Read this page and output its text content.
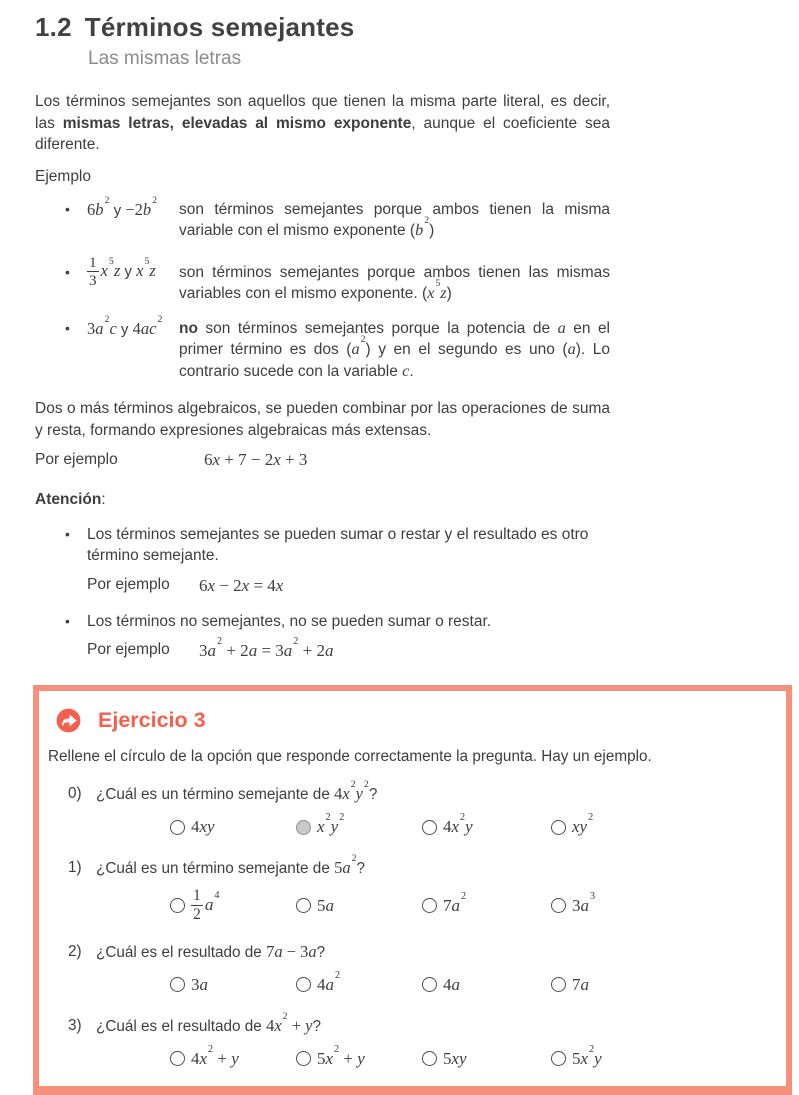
1.2 Términos semejantes
Las mismas letras

Los términos semejantes son aquellos que tienen la misma parte literal, es decir, las mismas letras, elevadas al mismo exponente, aunque el coeficiente sea diferente.

Ejemplo
•	$6b^2$ $y -2b^2$
son términos semejantes porque ambos tienen la misma variable con el mismo exponente $(b^2)$
•	$\frac{1}{3} x^5z$ y $x^5z$	son términos semejantes porque ambos tienen las mismas variables con el mismo exponente. $(x^5z)$
•	$3a^2c$ y $4ac^2$
no son términos semejantes porque la potencia de a en el primer término es dos $(a^2)$ y en el segundo es uno (a). Lo contrario sucede con la variable c.

Dos o más términos algebraicos, se pueden combinar por las operaciones de suma y resta, formando expresiones algebraicas más extensas.

Por ejemplo	6x + 7 − 2x + 3
Atención:
•	Los términos semejantes se pueden sumar o restar y el resultado es otro término semejante.
Por ejemplo	6x − 2x = 4x
•	Los términos no semejantes, no se pueden sumar o restar.
Por ejemplo	$3a^2 + 2a = 3a^2 + 2a$
Ejercicio 3
Rellene el círculo de la opción que responde correctamente la pregunta. Hay un ejemplo.
0) ¿Cuál es un término semejante de $4x^2y^2$?
4xy	$x^2y^2$	$4x^2y$	$xy^2$
1) ¿Cuál es un término semejante de $5a^2$?
$\frac{1}{2} a^4$
5a	$7a^2$	$3a^3$
2) ¿Cuál es el resultado de 7a − 3a?
3a	$4a^2$	4a	7a
3) ¿Cuál es el resultado de $4x^2 + y$?
$4x^2 + y$	$5x^2 + y$	5xy	$5x^2y$
